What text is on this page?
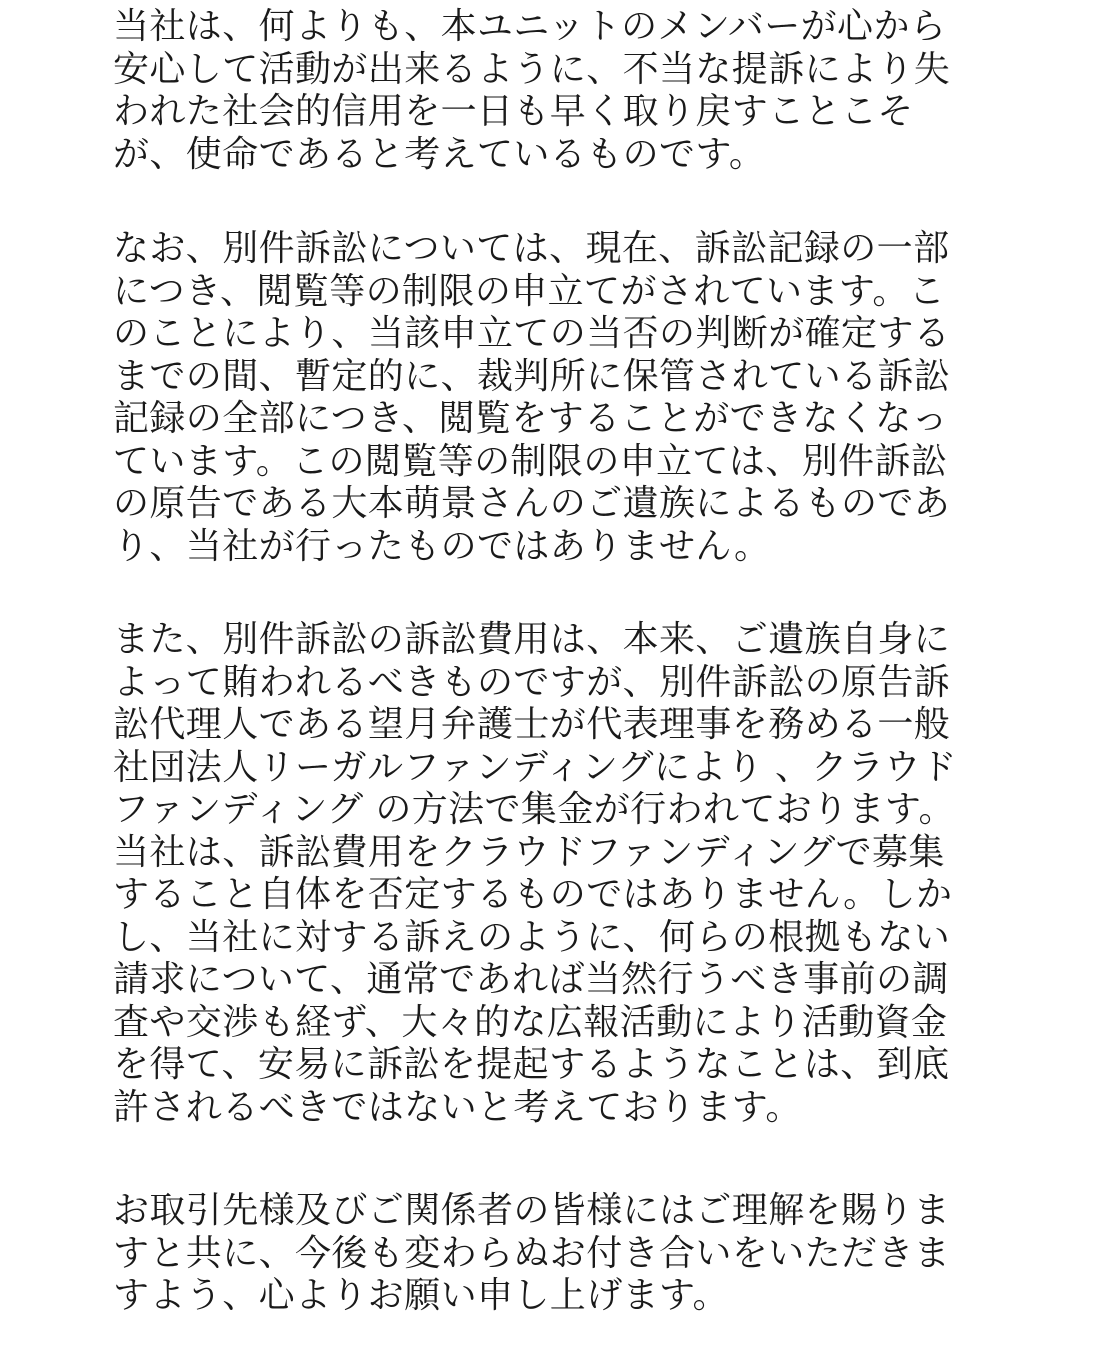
当社は、何よりも、本ユニットのメンバーが心から
安心して活動が出来るように、不当な提訴により失
われた社会的信用を一日も早く取り戻すことこそ
が、使命であると考えているものです。
なお、別件訴訟については、現在、訴訟記録の一部
につき、閲覧等の制限の申立てがされています。こ
のことにより、当該申立ての当否の判断が確定する
までの間、暫定的に、裁判所に保管されている訴訟
記録の全部につき、閲覧をすることができなくなっ
ています。この閲覧等の制限の申立ては、別件訴訟
の原告である大本萌景さんのご遺族によるものであ
り、当社が行ったものではありません。
また、別件訴訟の訴訟費用は、本来、ご遺族自身に
よって賄われるべきものですが、別件訴訟の原告訴
訟代理人である望月弁護士が代表理事を務める一般
社団法人リーガルファンディングにより 、クラウド
ファンディング の方法で集金が行われております。
当社は、訴訟費用をクラウドファンディングで募集
すること自体を否定するものではありません。しか
し、当社に対する訴えのように、何らの根拠もない
請求について、通常であれば当然行うべき事前の調
査や交渉も経ず、大々的な広報活動により活動資金
を得て、安易に訴訟を提起するようなことは、到底
許されるべきではないと考えております。
お取引先様及びご関係者の皆様にはご理解を賜りま
すと共に、今後も変わらぬお付き合いをいただきま
すよう、心よりお願い申し上げます。
